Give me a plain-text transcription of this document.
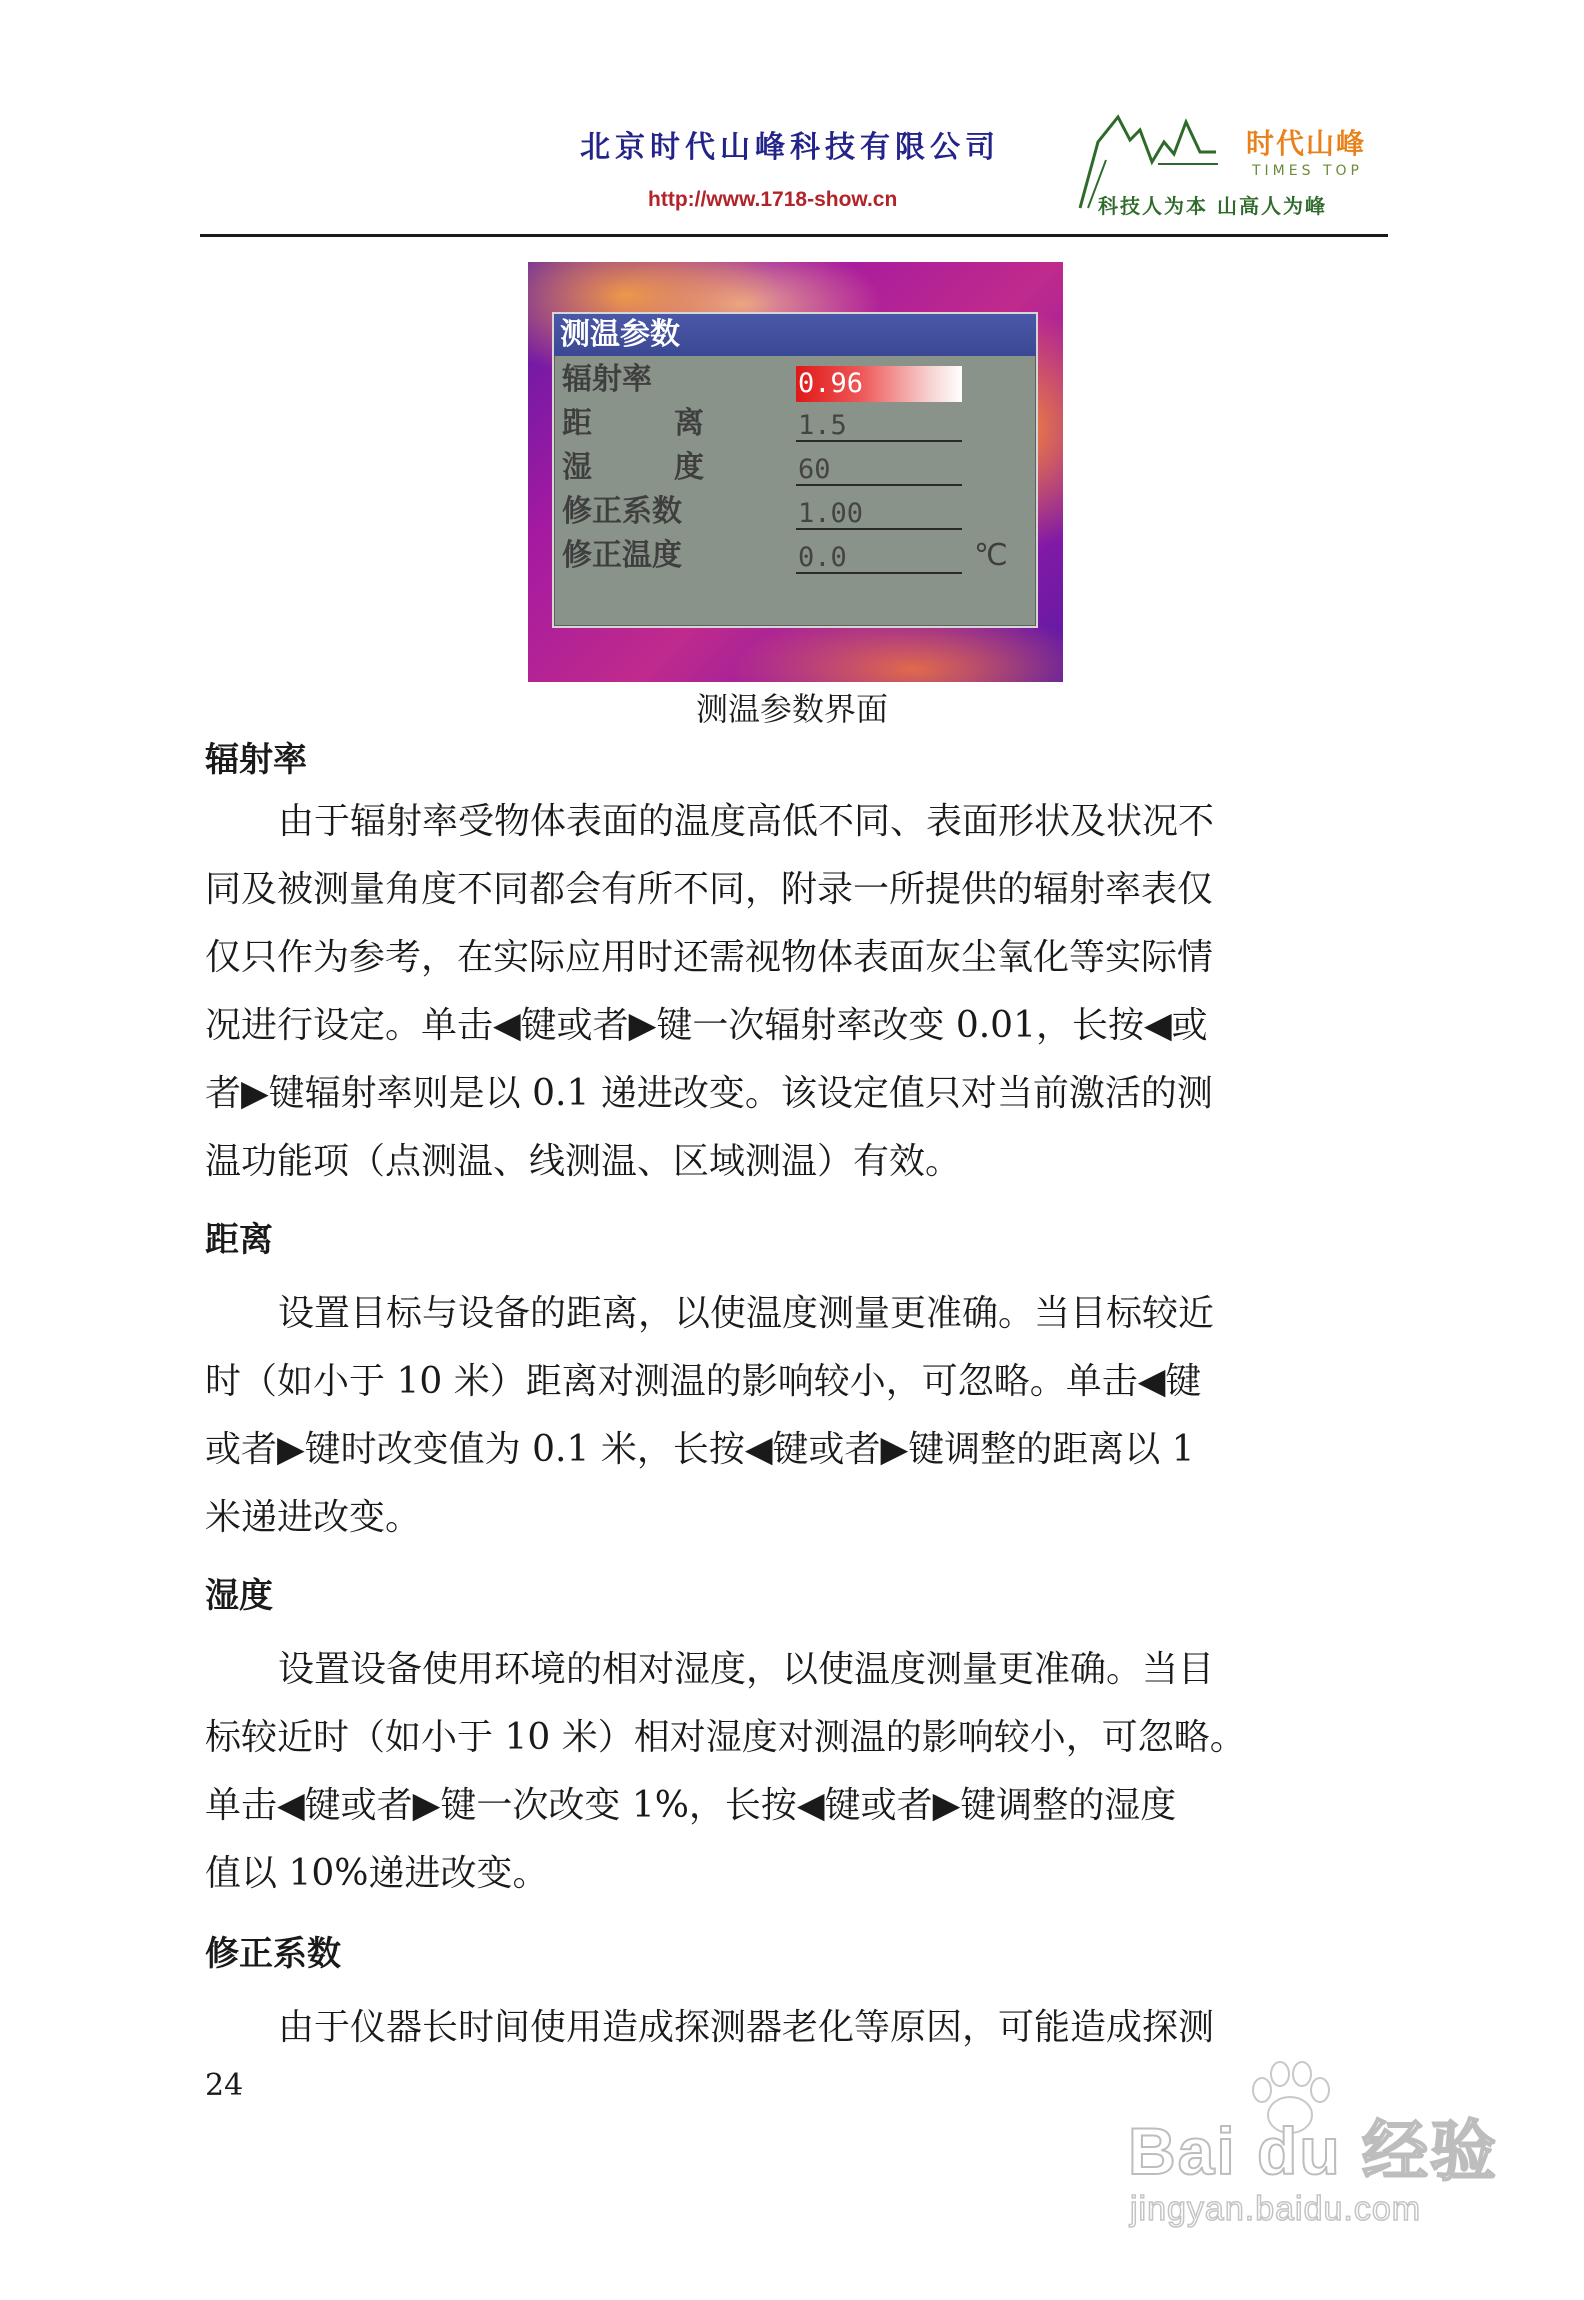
北京时代山峰科技有限公司
http://www.1718-show.cn
时代山峰
TIMES TOP
科技人为本 山高人为峰
测温参数
辐射率	0.96
距	离	1.5
湿	度	60
修正系数	1.00
修正温度	0.0	℃
测温参数界面
辐射率
由于辐射率受物体表面的温度高低不同、表面形状及状况不
同及被测量角度不同都会有所不同，附录一所提供的辐射率表仅
仅只作为参考，在实际应用时还需视物体表面灰尘氧化等实际情
况进行设定。单击◀键或者▶键一次辐射率改变 0.01，长按◀或
者▶键辐射率则是以 0.1 递进改变。该设定值只对当前激活的测
温功能项（点测温、线测温、区域测温）有效。
距离
设置目标与设备的距离，以使温度测量更准确。当目标较近
时（如小于 10 米）距离对测温的影响较小，可忽略。单击◀键
或者▶键时改变值为 0.1 米，长按◀键或者▶键调整的距离以 1
米递进改变。
湿度
设置设备使用环境的相对湿度，以使温度测量更准确。当目
标较近时（如小于 10 米）相对湿度对测温的影响较小，可忽略。
单击◀键或者▶键一次改变 1%，长按◀键或者▶键调整的湿度
值以 10%递进改变。
修正系数
由于仪器长时间使用造成探测器老化等原因，可能造成探测
24
Bai du 经验
jingyan.baidu.com
